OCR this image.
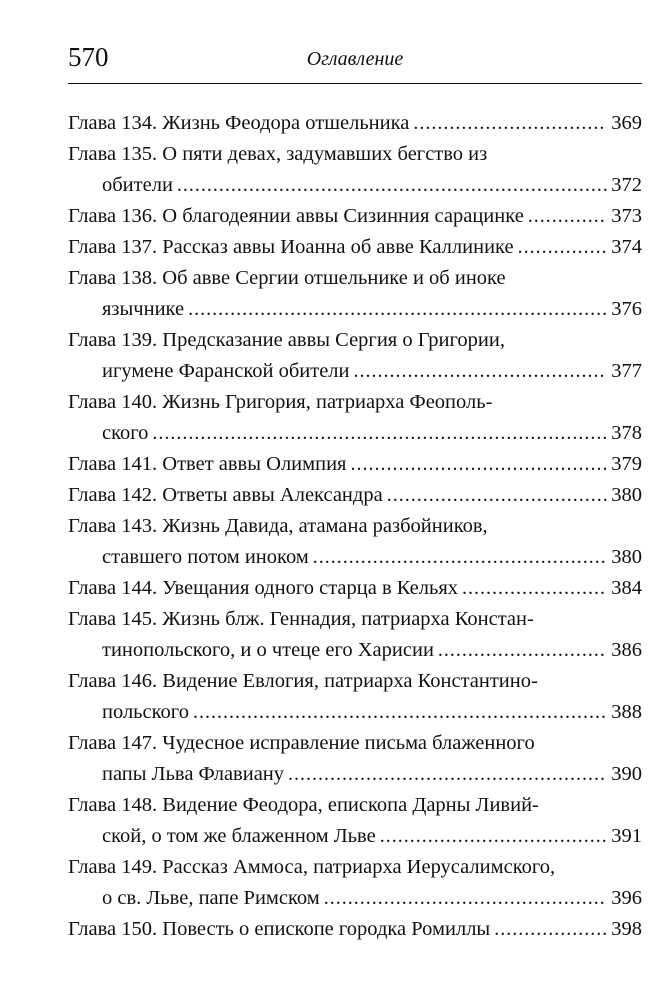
570	Оглавление
Глава 134. Жизнь Феодора отшельника . . .	369
Глава 135. О пяти девах, задумавших бегство из
обители . . .	372
Глава 136. О благодеянии аввы Сизинния сарацинке . . .	373
Глава 137. Рассказ аввы Иоанна об авве Каллинике . . .	374
Глава 138. Об авве Сергии отшельнике и об иноке
язычнике . . .	376
Глава 139. Предсказание аввы Сергия о Григории,
игумене Фаранской обители . . .	377
Глава 140. Жизнь Григория, патриарха Феополь-
ского . . .	378
Глава 141. Ответ аввы Олимпия . . .	379
Глава 142. Ответы аввы Александра . . .	380
Глава 143. Жизнь Давида, атамана разбойников,
ставшего потом иноком . . .	380
Глава 144. Увещания одного старца в Кельях . . .	384
Глава 145. Жизнь блж. Геннадия, патриарха Констан-
тинопольского, и о чтеце его Харисии . . .	386
Глава 146. Видение Евлогия, патриарха Константино-
польского . . .	388
Глава 147. Чудесное исправление письма блаженного
папы Льва Флавиану . . .	390
Глава 148. Видение Феодора, епископа Дарны Ливий-
ской, о том же блаженном Льве . . .	391
Глава 149. Рассказ Аммоса, патриарха Иерусалимского,
о св. Льве, папе Римском . . .	396
Глава 150. Повесть о епископе городка Ромиллы . . .	398
